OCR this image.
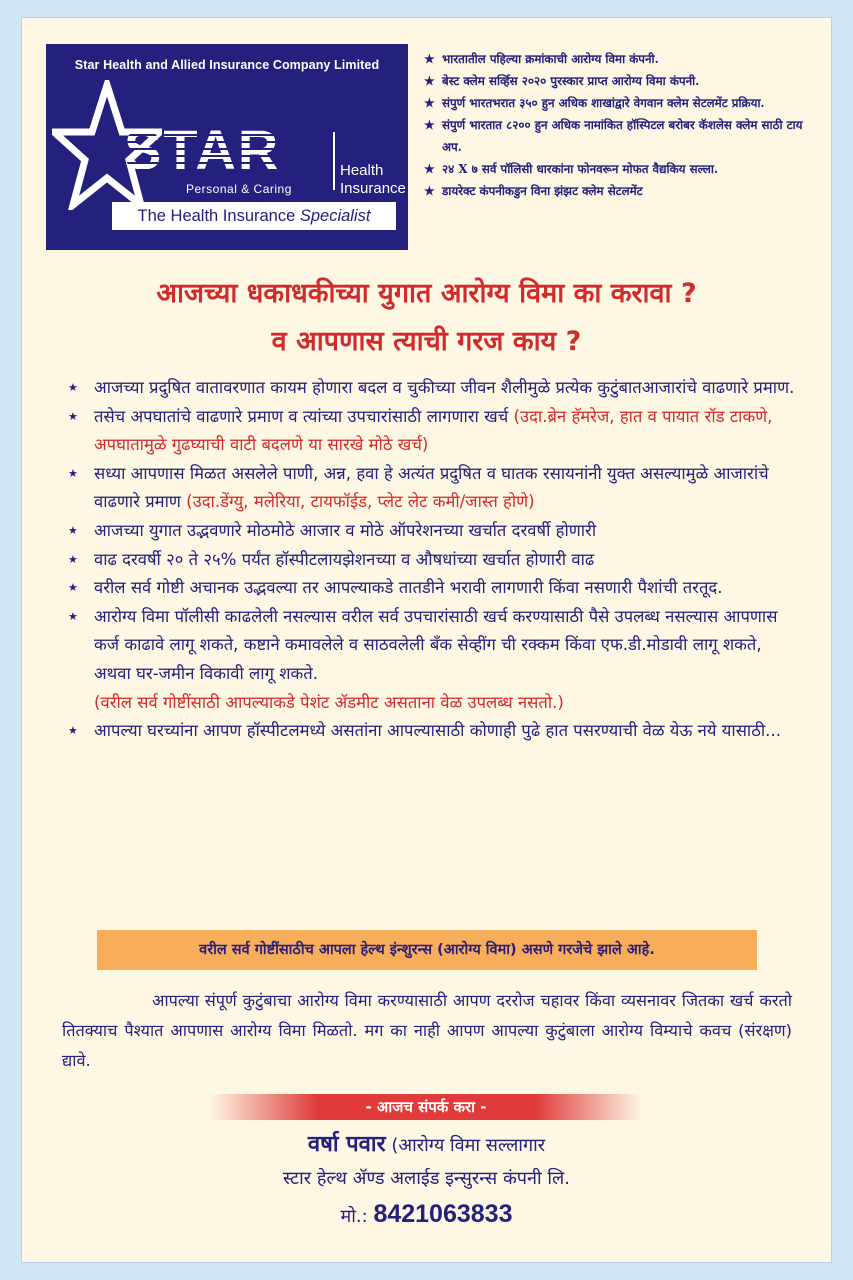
Star Health and Allied Insurance Company Limited
STAR	Health
Insurance
Personal & Caring
The Health Insurance Specialist
★ भारतातील पहिल्या क्रमांकाची आरोग्य विमा कंपनी.
★ बेस्ट क्लेम सर्व्हिस २०२० पुरस्कार प्राप्त आरोग्य विमा कंपनी.
★ संपुर्ण भारतभरात ३५० हुन अधिक शाखांद्वारे वेगवान क्लेम सेटलमेंट प्रक्रिया.
★ संपुर्ण भारतात ८२०० हुन अधिक नामांकित हॉस्पिटल बरोबर कॅशलेस क्लेम साठी टाय अप.
★ २४ X ७ सर्व पॉलिसी धारकांना फोनवरून मोफत वैद्यकिय सल्ला.
★ डायरेक्ट कंपनीकडुन विना झंझट क्लेम सेटलमेंट
आजच्या धकाधकीच्या युगात आरोग्य विमा का करावा ?
व आपणास त्याची गरज काय ?
★ आजच्या प्रदुषित वातावरणात कायम होणारा बदल व चुकीच्या जीवन शैलीमुळे प्रत्येक कुटुंबातआजारांचे वाढणारे प्रमाण.
★ तसेच अपघातांचे वाढणारे प्रमाण व त्यांच्या उपचारांसाठी लागणारा खर्च (उदा.ब्रेन हॅमरेज, हात व पायात रॉड टाकणे, अपघातामुळे गुढघ्याची वाटी बदलणे या सारखे मोठे खर्च)
★ सध्या आपणास मिळत असलेले पाणी, अन्न, हवा हे अत्यंत प्रदुषित व घातक रसायनांनी युक्त असल्यामुळे आजारांचे वाढणारे प्रमाण (उदा.डेंग्यु, मलेरिया, टायफॉईड, प्लेट लेट कमी/जास्त होणे)
★ आजच्या युगात उद्भवणारे मोठमोठे आजार व मोठे ऑपरेशनच्या खर्चात दरवर्षी होणारी
★ वाढ दरवर्षी २० ते २५% पर्यंत हॉस्पीटलायझेशनच्या व औषधांच्या खर्चात होणारी वाढ
★ वरील सर्व गोष्टी अचानक उद्भवल्या तर आपल्याकडे तातडीने भरावी लागणारी किंवा नसणारी पैशांची तरतूद.
★ आरोग्य विमा पॉलीसी काढलेली नसल्यास वरील सर्व उपचारांसाठी खर्च करण्यासाठी पैसे उपलब्ध नसल्यास आपणास कर्ज काढावे लागू शकते, कष्टाने कमावलेले व साठवलेली बँक सेव्हींग ची रक्कम किंवा एफ.डी.मोडावी लागू शकते, अथवा घर-जमीन विकावी लागू शकते.
(वरील सर्व गोष्टींसाठी आपल्याकडे पेशंट ॲडमीट असताना वेळ उपलब्ध नसतो.)
★ आपल्या घरच्यांना आपण हॉस्पीटलमध्ये असतांना आपल्यासाठी कोणाही पुढे हात पसरण्याची वेळ येऊ नये यासाठी...
वरील सर्व गोष्टींसाठीच आपला हेल्थ इंन्शुरन्स (आरोग्य विमा) असणे गरजेचे झाले आहे.
आपल्या संपूर्ण कुटुंबाचा आरोग्य विमा करण्यासाठी आपण दररोज चहावर किंवा व्यसनावर जितका खर्च करतो तितक्याच पैश्यात आपणास आरोग्य विमा मिळतो. मग का नाही आपण आपल्या कुटुंबाला आरोग्य विम्याचे कवच (संरक्षण) द्यावे.
- आजच संपर्क करा -
वर्षा पवार (आरोग्य विमा सल्लागार
स्टार हेल्थ ॲण्ड अलाईड इन्सुरन्स कंपनी लि.
मो.: 8421063833
